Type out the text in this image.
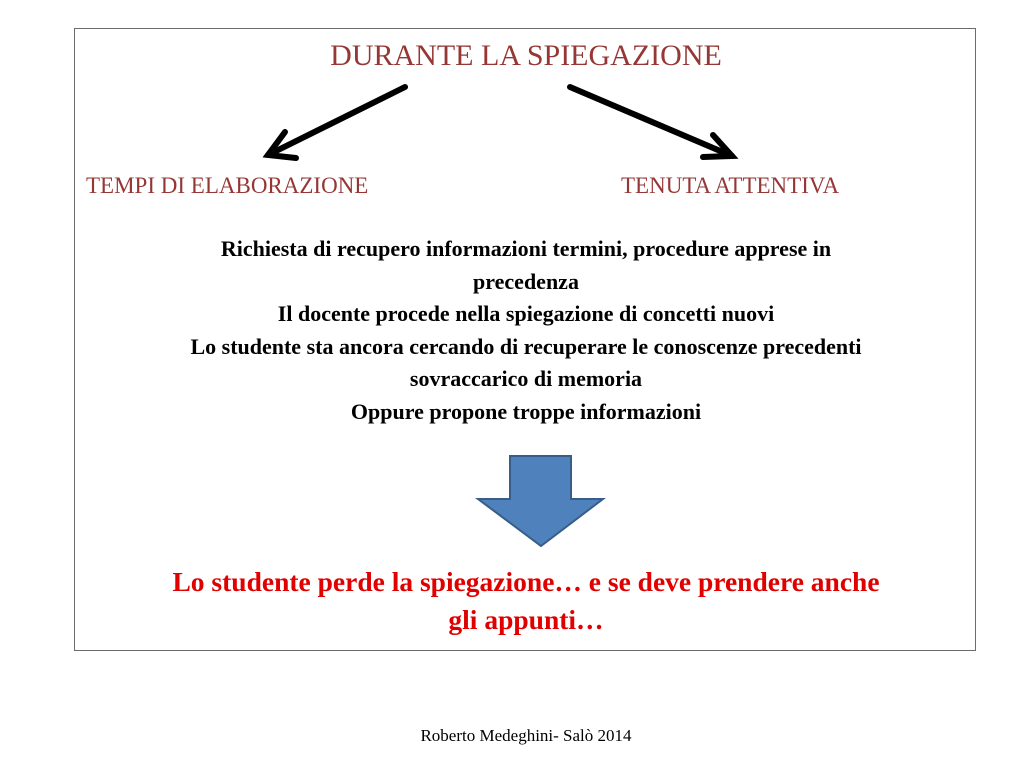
DURANTE LA SPIEGAZIONE
TEMPI DI ELABORAZIONE	TENUTA ATTENTIVA
Richiesta di recupero informazioni termini, procedure apprese in
precedenza
Il docente procede nella spiegazione di concetti nuovi
Lo studente sta ancora cercando di recuperare le conoscenze precedenti
sovraccarico di memoria
Oppure propone troppe informazioni
Lo studente perde la spiegazione… e se deve prendere anche
gli appunti…
Roberto Medeghini- Salò 2014
